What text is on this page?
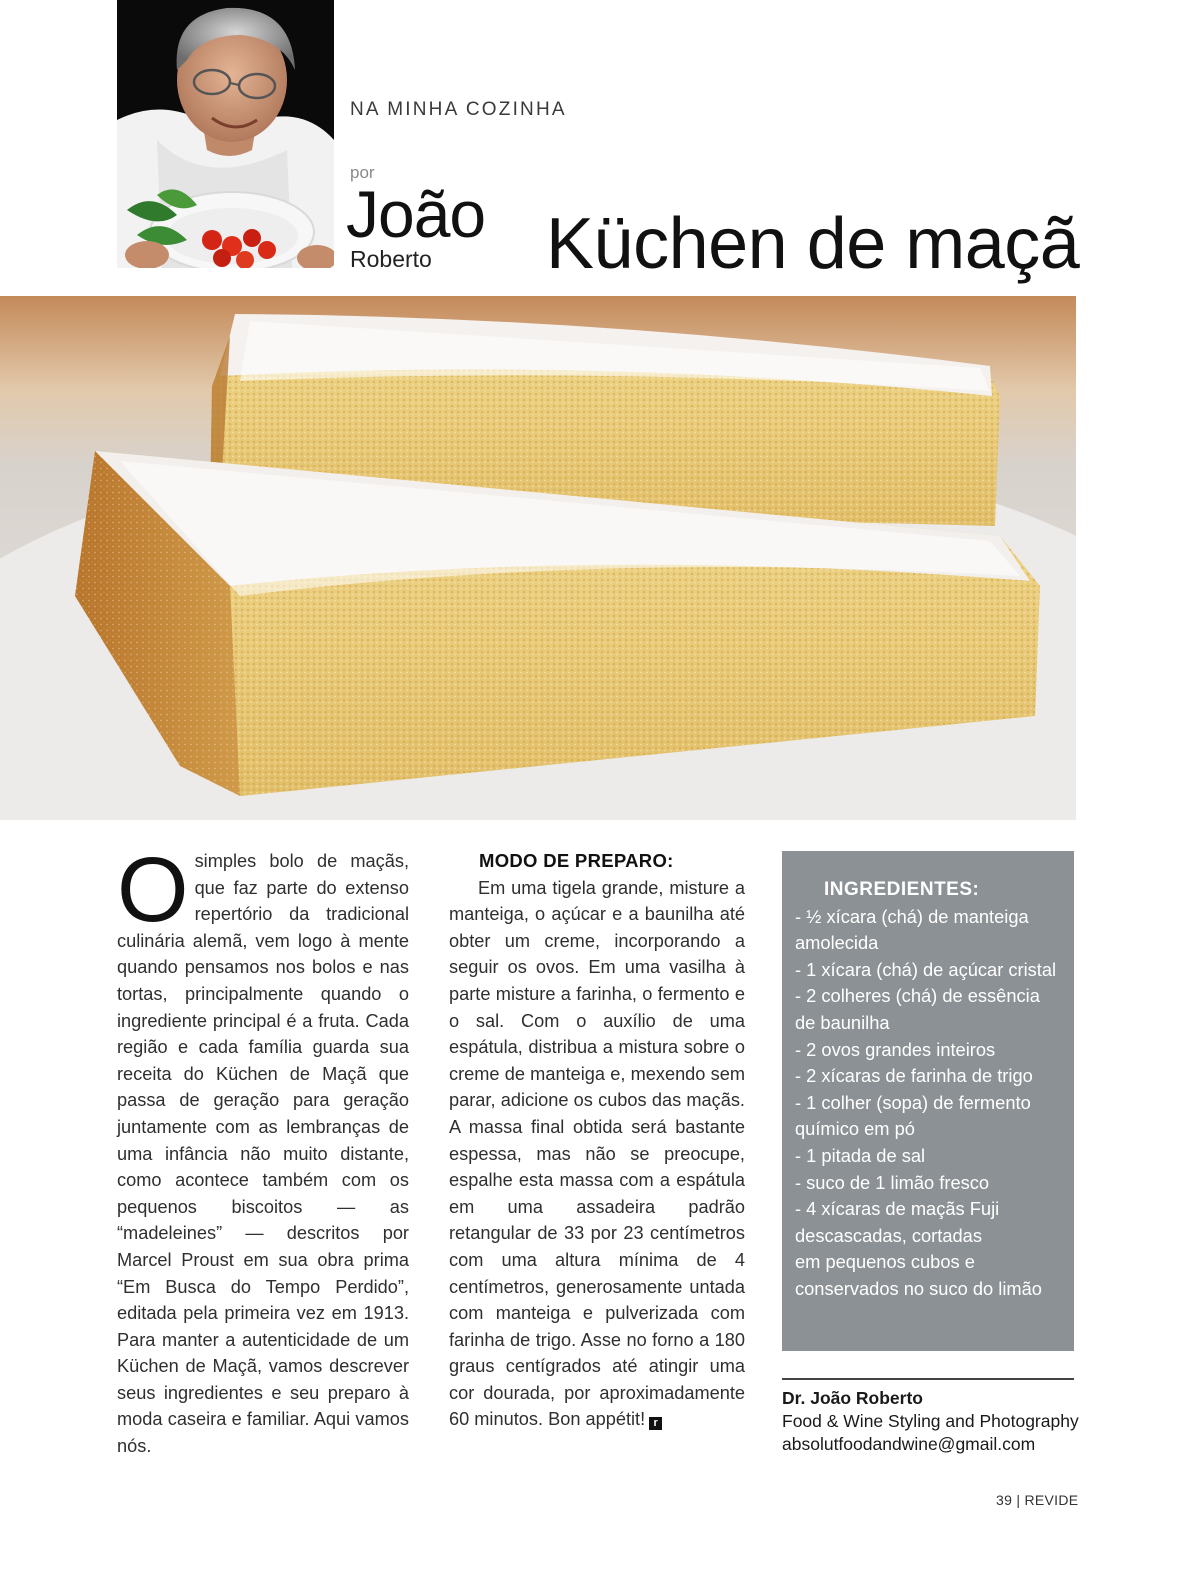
NA MINHA COZINHA
por
João
Roberto Küchen de maçã
O simples bolo de maçãs, que faz parte do extenso repertório da tradicional culinária alemã, vem logo à mente quando pensamos nos bolos e nas tortas, principalmente quando o ingrediente principal é a fruta. Cada região e cada família guarda sua receita do Küchen de Maçã que passa de geração para geração juntamente com as lembranças de uma infância não muito distante, como acontece também com os pequenos biscoitos — as “madeleines” — descritos por Marcel Proust em sua obra prima “Em Busca do Tempo Perdido”, editada pela primeira vez em 1913. Para manter a autenticidade de um Küchen de Maçã, vamos descrever seus ingredientes e seu preparo à moda caseira e familiar. Aqui vamos nós.
MODO DE PREPARO:
Em uma tigela grande, misture a manteiga, o açúcar e a baunilha até obter um creme, incorporando a seguir os ovos. Em uma vasilha à parte misture a farinha, o fermento e o sal. Com o auxílio de uma espátula, distribua a mistura sobre o creme de manteiga e, mexendo sem parar, adicione os cubos das maçãs. A massa final obtida será bastante espessa, mas não se preocupe, espalhe esta massa com a espátula em uma assadeira padrão retangular de 33 por 23 centímetros com uma altura mínima de 4 centímetros, generosamente untada com manteiga e pulverizada com farinha de trigo. Asse no forno a 180 graus centígrados até atingir uma cor dourada, por aproximadamente 60 minutos. Bon appétit! r
INGREDIENTES:

- ½ xícara (chá) de manteiga amolecida

- 1 xícara (chá) de açúcar cristal

- 2 colheres (chá) de essência de baunilha

- 2 ovos grandes inteiros

- 2 xícaras de farinha de trigo

- 1 colher (sopa) de fermento químico em pó

- 1 pitada de sal

- suco de 1 limão fresco

- 4 xícaras de maçãs Fuji descascadas, cortadas

em pequenos cubos e

conservados no suco do limão

Dr. João Roberto
Food & Wine Styling and Photography
absolutfoodandwine@gmail.com
39 | REVIDE
